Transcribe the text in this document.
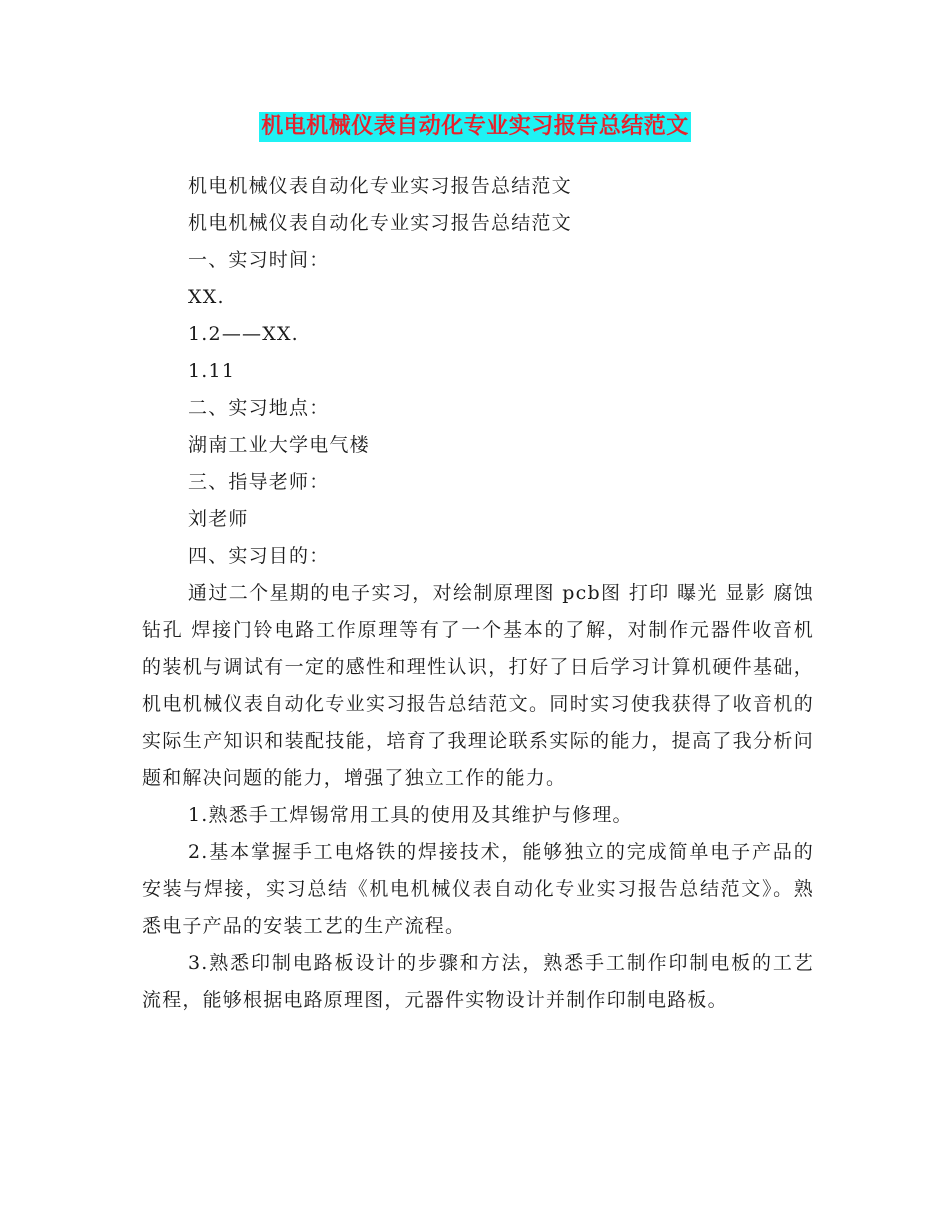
机电机械仪表自动化专业实习报告总结范文
机电机械仪表自动化专业实习报告总结范文
机电机械仪表自动化专业实习报告总结范文
一、实习时间：
XX.
1.2——XX.
1.11
二、实习地点：
湖南工业大学电气楼
三、指导老师：
刘老师
四、实习目的：

通过二个星期的电子实习，对绘制原理图 pcb图 打印 曝光 显影 腐蚀 钻孔 焊接门铃电路工作原理等有了一个基本的了解，对制作元器件收音机的装机与调试有一定的感性和理性认识，打好了日后学习计算机硬件基础，机电机械仪表自动化专业实习报告总结范文。同时实习使我获得了收音机的实际生产知识和装配技能，培育了我理论联系实际的能力，提高了我分析问题和解决问题的能力，增强了独立工作的能力。

1.熟悉手工焊锡常用工具的使用及其维护与修理。

2.基本掌握手工电烙铁的焊接技术，能够独立的完成简单电子产品的安装与焊接，实习总结《机电机械仪表自动化专业实习报告总结范文》。熟悉电子产品的安装工艺的生产流程。

3.熟悉印制电路板设计的步骤和方法，熟悉手工制作印制电板的工艺流程，能够根据电路原理图，元器件实物设计并制作印制电路板。
